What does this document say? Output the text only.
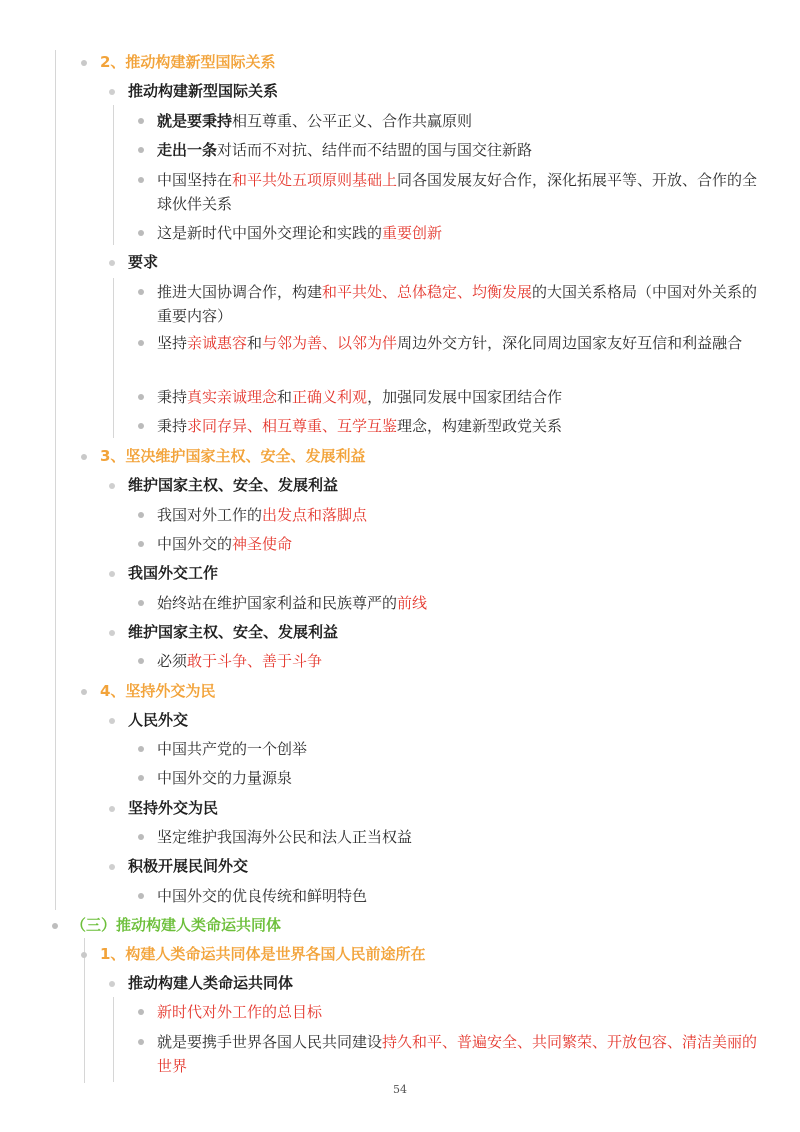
2、推动构建新型国际关系
推动构建新型国际关系
就是要秉持相互尊重、公平正义、合作共赢原则
走出一条对话而不对抗、结伴而不结盟的国与国交往新路
中国坚持在和平共处五项原则基础上同各国发展友好合作，深化拓展平等、开放、合作的全球伙伴关系
这是新时代中国外交理论和实践的重要创新
要求
推进大国协调合作，构建和平共处、总体稳定、均衡发展的大国关系格局（中国对外关系的重要内容）
坚持亲诚惠容和与邻为善、以邻为伴周边外交方针，深化同周边国家友好互信和利益融合
秉持真实亲诚理念和正确义利观，加强同发展中国家团结合作
秉持求同存异、相互尊重、互学互鉴理念，构建新型政党关系
3、坚决维护国家主权、安全、发展利益
维护国家主权、安全、发展利益
我国对外工作的出发点和落脚点
中国外交的神圣使命
我国外交工作
始终站在维护国家利益和民族尊严的前线
维护国家主权、安全、发展利益
必须敢于斗争、善于斗争
4、坚持外交为民
人民外交
中国共产党的一个创举
中国外交的力量源泉
坚持外交为民
坚定维护我国海外公民和法人正当权益
积极开展民间外交
中国外交的优良传统和鲜明特色
（三）推动构建人类命运共同体
1、构建人类命运共同体是世界各国人民前途所在
推动构建人类命运共同体
新时代对外工作的总目标
就是要携手世界各国人民共同建设持久和平、普遍安全、共同繁荣、开放包容、清洁美丽的世界
54
